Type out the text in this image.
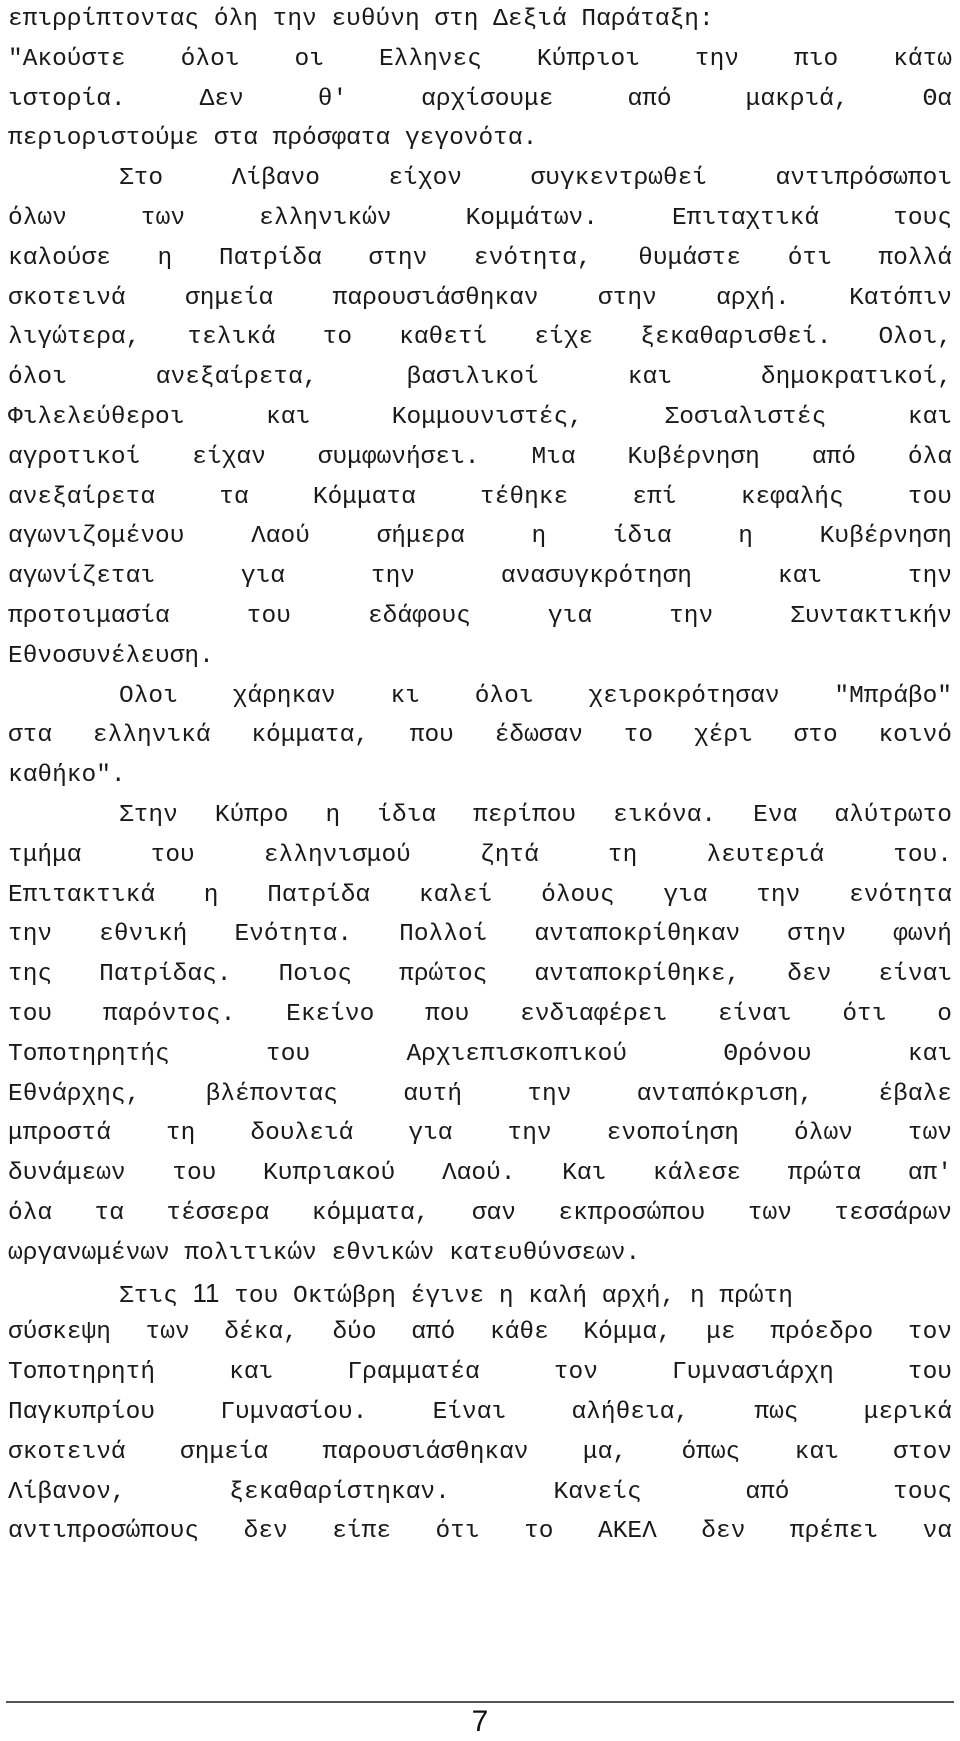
επιρρίπτοντας όλη την ευθύνη στη Δεξιά Παράταξη:
"Ακούστε όλοι οι Ελληνες Κύπριοι την πιο κάτω
ιστορία. Δεν θ' αρχίσουμε από μακριά, Θα
περιοριστούμε στα πρόσφατα γεγονότα.
Στο Λίβανο είχον συγκεντρωθεί αντιπρόσωποι
όλων των ελληνικών Κομμάτων. Επιταχτικά τους
καλούσε η Πατρίδα στην ενότητα, θυμάστε ότι πολλά
σκοτεινά σημεία παρουσιάσθηκαν στην αρχή. Κατόπιν
λιγώτερα, τελικά το καθετί είχε ξεκαθαρισθεί. Ολοι,
όλοι ανεξαίρετα, βασιλικοί και δημοκρατικοί,
Φιλελεύθεροι και Κομμουνιστές, Σοσιαλιστές και
αγροτικοί είχαν συμφωνήσει. Μια Κυβέρνηση από όλα
ανεξαίρετα τα Κόμματα τέθηκε επί κεφαλής του
αγωνιζομένου Λαού σήμερα η ίδια η Κυβέρνηση
αγωνίζεται για την ανασυγκρότηση και την
προτοιμασία του εδάφους για την Συντακτικήν
Εθνοσυνέλευση.
Ολοι χάρηκαν κι όλοι χειροκρότησαν "Μπράβο"
στα ελληνικά κόμματα, που έδωσαν το χέρι στο κοινό
καθήκο".
Στην Κύπρο η ίδια περίπου εικόνα. Ενα αλύτρωτο
τμήμα του ελληνισμού ζητά τη λευτεριά του.
Επιτακτικά η Πατρίδα καλεί όλους για την ενότητα
την εθνική Ενότητα. Πολλοί ανταποκρίθηκαν στην φωνή
της Πατρίδας. Ποιος πρώτος ανταποκρίθηκε, δεν είναι
του παρόντος. Εκείνο που ενδιαφέρει είναι ότι ο
Τοποτηρητής του Αρχιεπισκοπικού Θρόνου και
Εθνάρχης, βλέποντας αυτή την ανταπόκριση, έβαλε
μπροστά τη δουλειά για την ενοποίηση όλων των
δυνάμεων του Κυπριακού Λαού. Και κάλεσε πρώτα απ'
όλα τα τέσσερα κόμματα, σαν εκπροσώπου των τεσσάρων
ωργανωμένων πολιτικών εθνικών κατευθύνσεων.
Στις 11 του Οκτώβρη έγινε η καλή αρχή, η πρώτη
σύσκεψη των δέκα, δύο από κάθε Κόμμα, με πρόεδρο τον
Τοποτηρητή και Γραμματέα τον Γυμνασιάρχη του
Παγκυπρίου Γυμνασίου. Είναι αλήθεια, πως μερικά
σκοτεινά σημεία παρουσιάσθηκαν μα, όπως και στον
Λίβανον, ξεκαθαρίστηκαν. Κανείς από τους
αντιπροσώπους δεν είπε ότι το ΑΚΕΛ δεν πρέπει να
7
